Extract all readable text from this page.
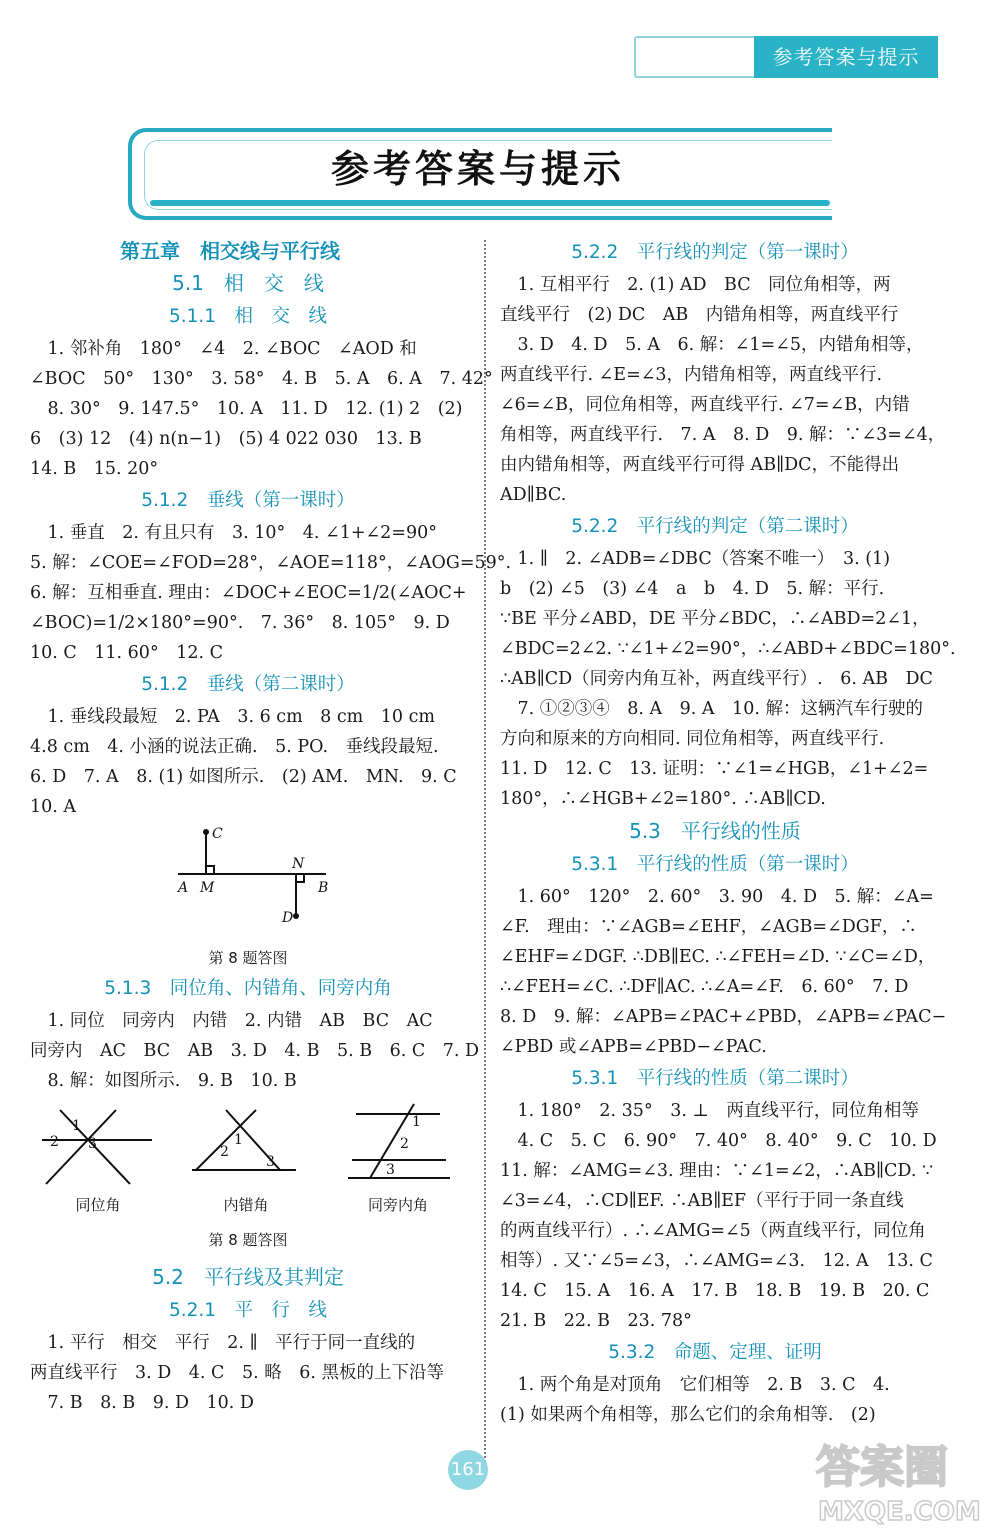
参考答案与提示
参考答案与提示

第五章　相交线与平行线

5.1　相　交　线

5.1.1　相　交　线

　1. 邻补角　180°　∠4　2. ∠BOC　∠AOD 和

∠BOC　50°　130°　3. 58°　4. B　5. A　6. A　7. 42°

　8. 30°　9. 147.5°　10. A　11. D　12. (1) 2　(2)

6　(3) 12　(4) n(n−1)　(5) 4 022 030　13. B

14. B　15. 20°

5.1.2　垂线（第一课时）

　1. 垂直　2. 有且只有　3. 10°　4. ∠1+∠2=90°

5. 解：∠COE=∠FOD=28°，∠AOE=118°，∠AOG=59°.

6. 解：互相垂直. 理由：∠DOC+∠EOC=1/2(∠AOC+

∠BOC)=1/2×180°=90°.　7. 36°　8. 105°　9. D

10. C　11. 60°　12. C

5.1.2　垂线（第二课时）

　1. 垂线段最短　2. PA　3. 6 cm　8 cm　10 cm

4.8 cm　4. 小涵的说法正确.　5. PO.　垂线段最短.

6. D　7. A　8. (1) 如图所示.　(2) AM.　MN.　9. C

10. A

C
N
A M	B
D

第 8 题答图

5.1.3　同位角、内错角、同旁内角

　1. 同位　同旁内　内错　2. 内错　AB　BC　AC

同旁内　AC　BC　AB　3. D　4. B　5. B　6. C　7. D

　8. 解：如图所示.　9. B　10. B

1
2 3	2
1
3
1
2
3
同位角	内错角	同旁内角

第 8 题答图

5.2　平行线及其判定

5.2.1　平　行　线

　1. 平行　相交　平行　2. ∥　平行于同一直线的

两直线平行　3. D　4. C　5. 略　6. 黑板的上下沿等

　7. B　8. B　9. D　10. D

5.2.2　平行线的判定（第一课时）

　1. 互相平行　2. (1) AD　BC　同位角相等，两

直线平行　(2) DC　AB　内错角相等，两直线平行

　3. D　4. D　5. A　6. 解：∠1=∠5，内错角相等，

两直线平行. ∠E=∠3，内错角相等，两直线平行.

∠6=∠B，同位角相等，两直线平行. ∠7=∠B，内错

角相等，两直线平行.　7. A　8. D　9. 解：∵∠3=∠4，

由内错角相等，两直线平行可得 AB∥DC，不能得出

AD∥BC.

5.2.2　平行线的判定（第二课时）

　1. ∥　2. ∠ADB=∠DBC（答案不唯一）　3. (1)

b　(2) ∠5　(3) ∠4　a　b　4. D　5. 解：平行.

∵BE 平分∠ABD，DE 平分∠BDC，∴∠ABD=2∠1，

∠BDC=2∠2. ∵∠1+∠2=90°，∴∠ABD+∠BDC=180°.

∴AB∥CD（同旁内角互补，两直线平行）.　6. AB　DC

　7. ①②③④　8. A　9. A　10. 解：这辆汽车行驶的

方向和原来的方向相同. 同位角相等，两直线平行.

11. D　12. C　13. 证明：∵∠1=∠HGB，∠1+∠2=

180°，∴∠HGB+∠2=180°. ∴AB∥CD.

5.3　平行线的性质

5.3.1　平行线的性质（第一课时）

　1. 60°　120°　2. 60°　3. 90　4. D　5. 解：∠A=

∠F.　理由：∵∠AGB=∠EHF，∠AGB=∠DGF，∴

∠EHF=∠DGF. ∴DB∥EC. ∴∠FEH=∠D. ∵∠C=∠D，

∴∠FEH=∠C. ∴DF∥AC. ∴∠A=∠F.　6. 60°　7. D

8. D　9. 解：∠APB=∠PAC+∠PBD，∠APB=∠PAC−

∠PBD 或∠APB=∠PBD−∠PAC.

5.3.1　平行线的性质（第二课时）

　1. 180°　2. 35°　3. ⊥　两直线平行，同位角相等

　4. C　5. C　6. 90°　7. 40°　8. 40°　9. C　10. D

11. 解：∠AMG=∠3. 理由：∵∠1=∠2，∴AB∥CD. ∵

∠3=∠4，∴CD∥EF. ∴AB∥EF（平行于同一条直线

的两直线平行）. ∴∠AMG=∠5（两直线平行，同位角

相等）. 又∵∠5=∠3，∴∠AMG=∠3.　12. A　13. C

14. C　15. A　16. A　17. B　18. B　19. B　20. C

21. B　22. B　23. 78°

5.3.2　命题、定理、证明

　1. 两个角是对顶角　它们相等　2. B　3. C　4.

(1) 如果两个角相等，那么它们的余角相等.　(2)

161	答案圈
MXQE.COM
